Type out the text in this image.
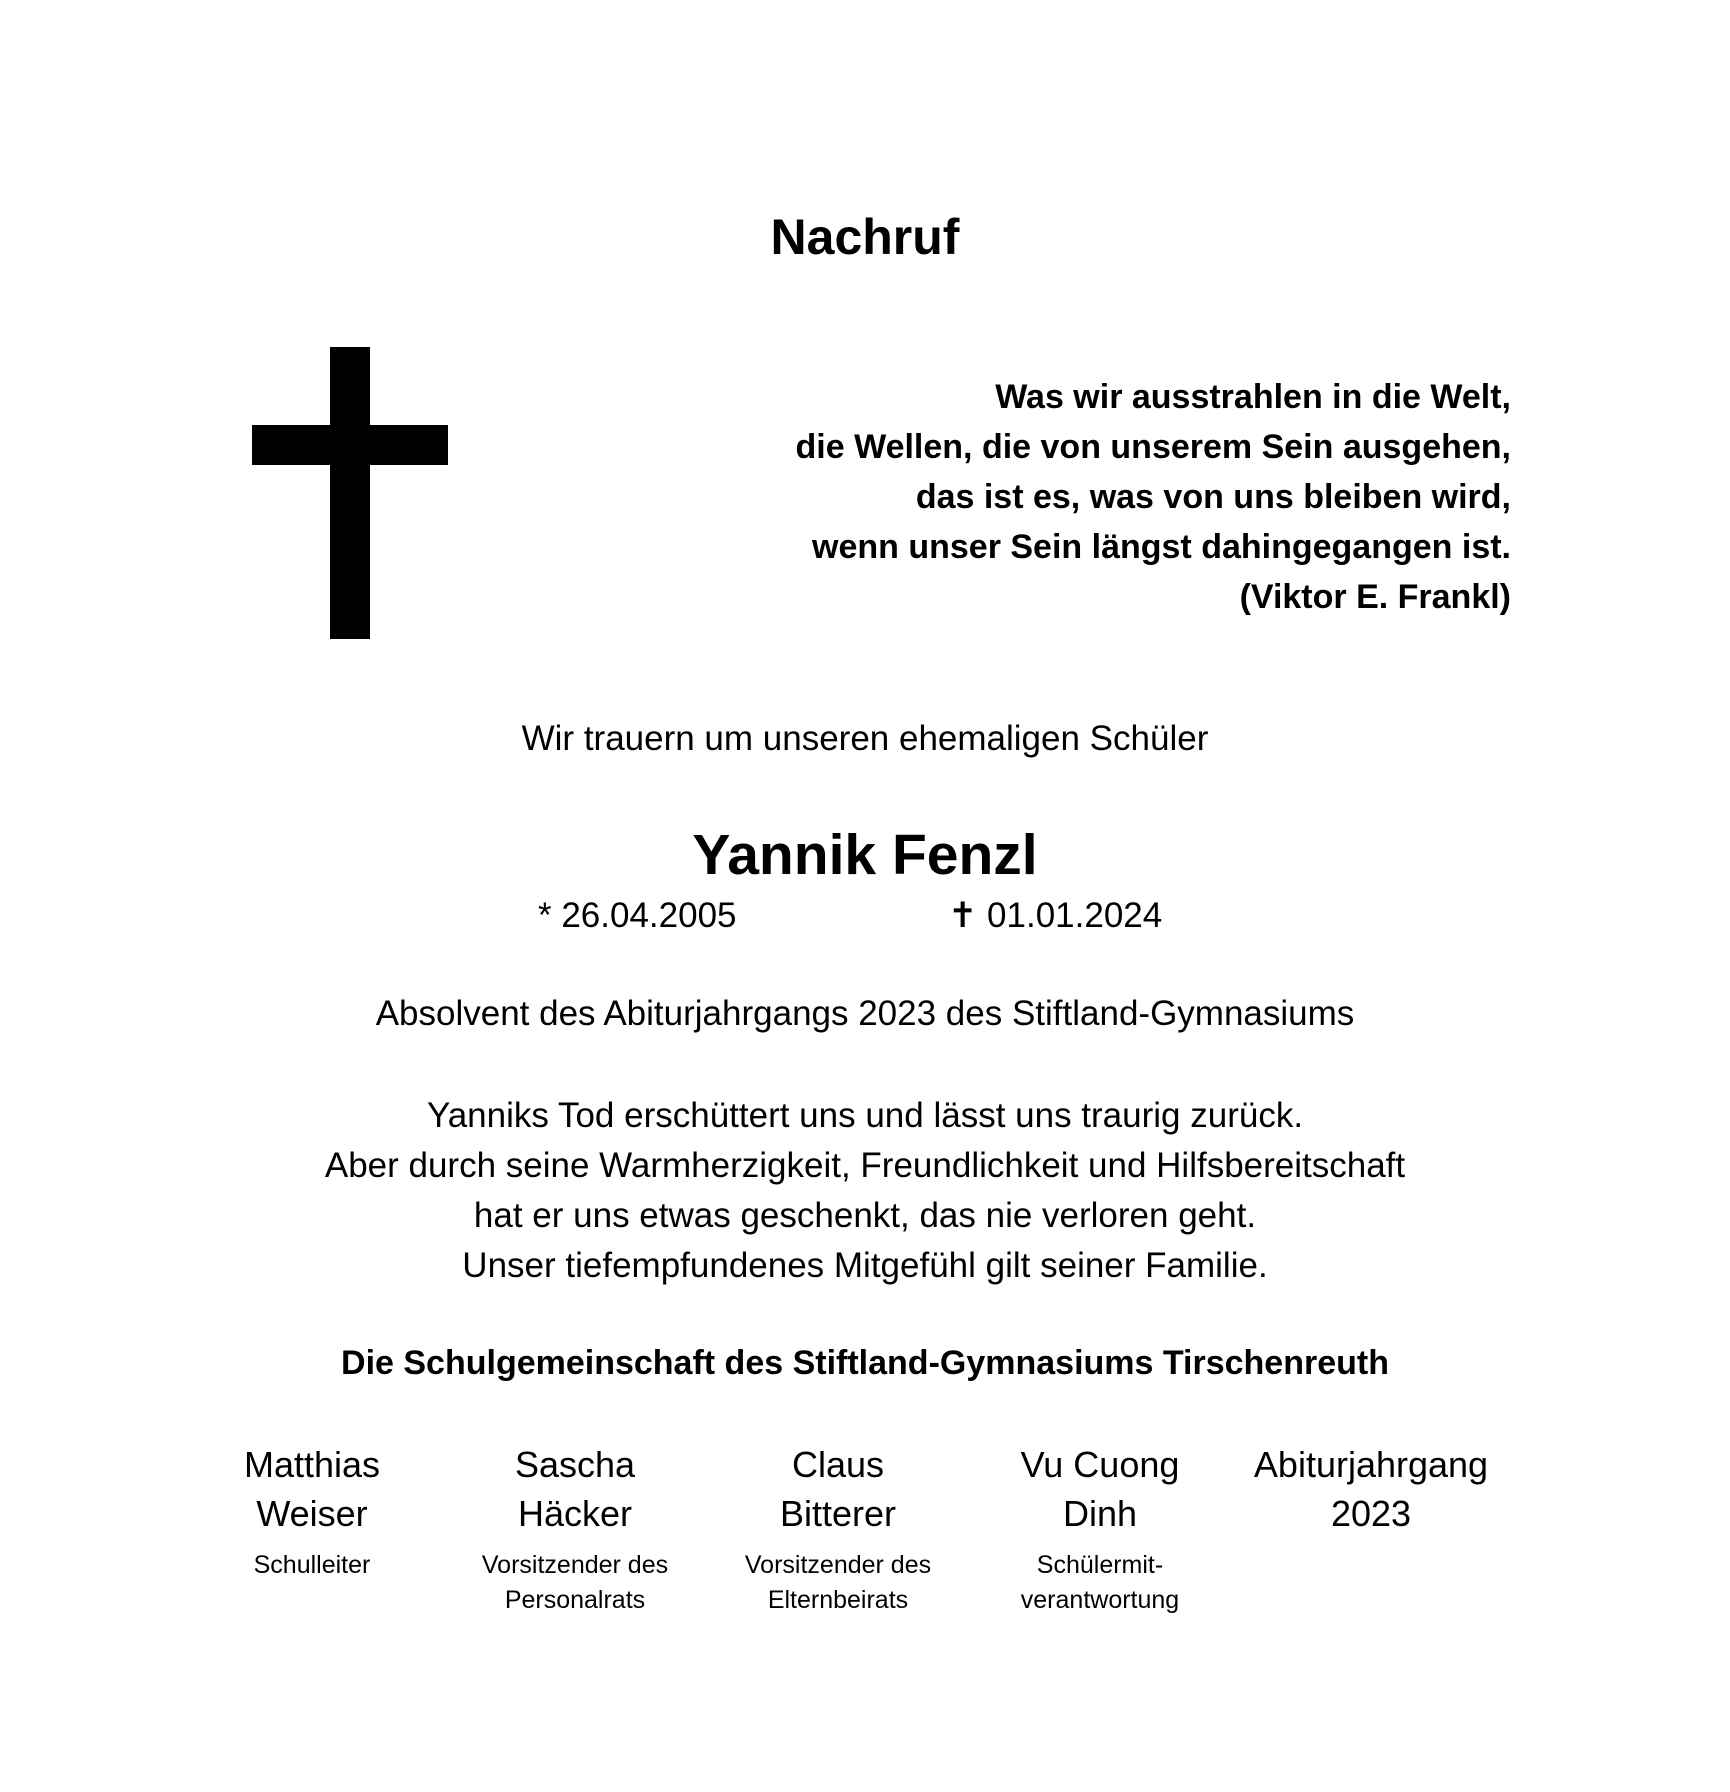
Nachruf
Was wir ausstrahlen in die Welt,
die Wellen, die von unserem Sein ausgehen,
das ist es, was von uns bleiben wird,
wenn unser Sein längst dahingegangen ist.
(Viktor E. Frankl)
Wir trauern um unseren ehemaligen Schüler
Yannik Fenzl
* 26.04.2005	✝ 01.01.2024
Absolvent des Abiturjahrgangs 2023 des Stiftland-Gymnasiums
Yanniks Tod erschüttert uns und lässt uns traurig zurück.
Aber durch seine Warmherzigkeit, Freundlichkeit und Hilfsbereitschaft
hat er uns etwas geschenkt, das nie verloren geht.
Unser tiefempfundenes Mitgefühl gilt seiner Familie.
Die Schulgemeinschaft des Stiftland-Gymnasiums Tirschenreuth
Matthias
Weiser
Schulleiter
Sascha
Häcker
Vorsitzender des
Personalrats
Claus
Bitterer
Vorsitzender des
Elternbeirats
Vu Cuong
Dinh
Schülermit-
verantwortung
Abiturjahrgang
2023
